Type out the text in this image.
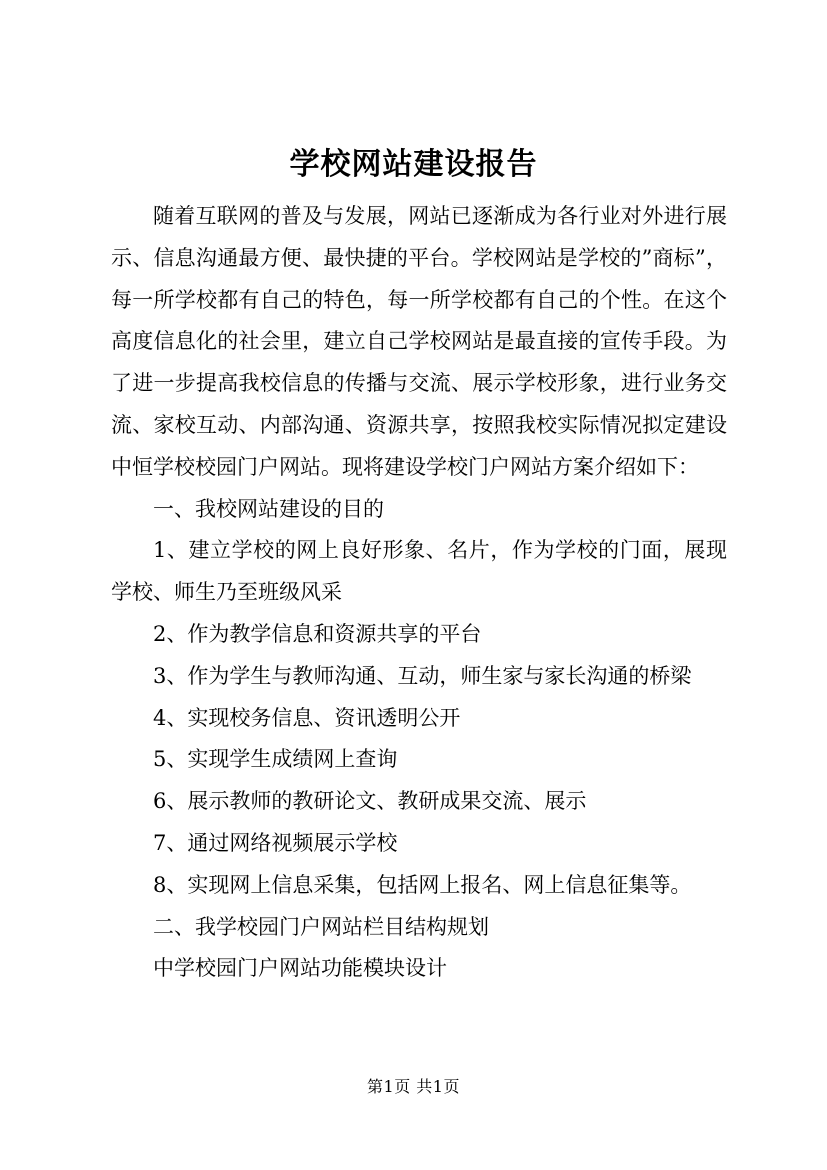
学校网站建设报告

随着互联网的普及与发展，网站已逐渐成为各行业对外进行展示、信息沟通最方便、最快捷的平台。学校网站是学校的”商标”，每一所学校都有自己的特色，每一所学校都有自己的个性。在这个高度信息化的社会里，建立自己学校网站是最直接的宣传手段。为了进一步提高我校信息的传播与交流、展示学校形象，进行业务交流、家校互动、内部沟通、资源共享，按照我校实际情况拟定建设中恒学校校园门户网站。现将建设学校门户网站方案介绍如下：

一、我校网站建设的目的

1、建立学校的网上良好形象、名片，作为学校的门面，展现学校、师生乃至班级风采

2、作为教学信息和资源共享的平台

3、作为学生与教师沟通、互动，师生家与家长沟通的桥梁

4、实现校务信息、资讯透明公开

5、实现学生成绩网上查询

6、展示教师的教研论文、教研成果交流、展示

7、通过网络视频展示学校

8、实现网上信息采集，包括网上报名、网上信息征集等。

二、我学校园门户网站栏目结构规划

中学校园门户网站功能模块设计

第1页 共1页
